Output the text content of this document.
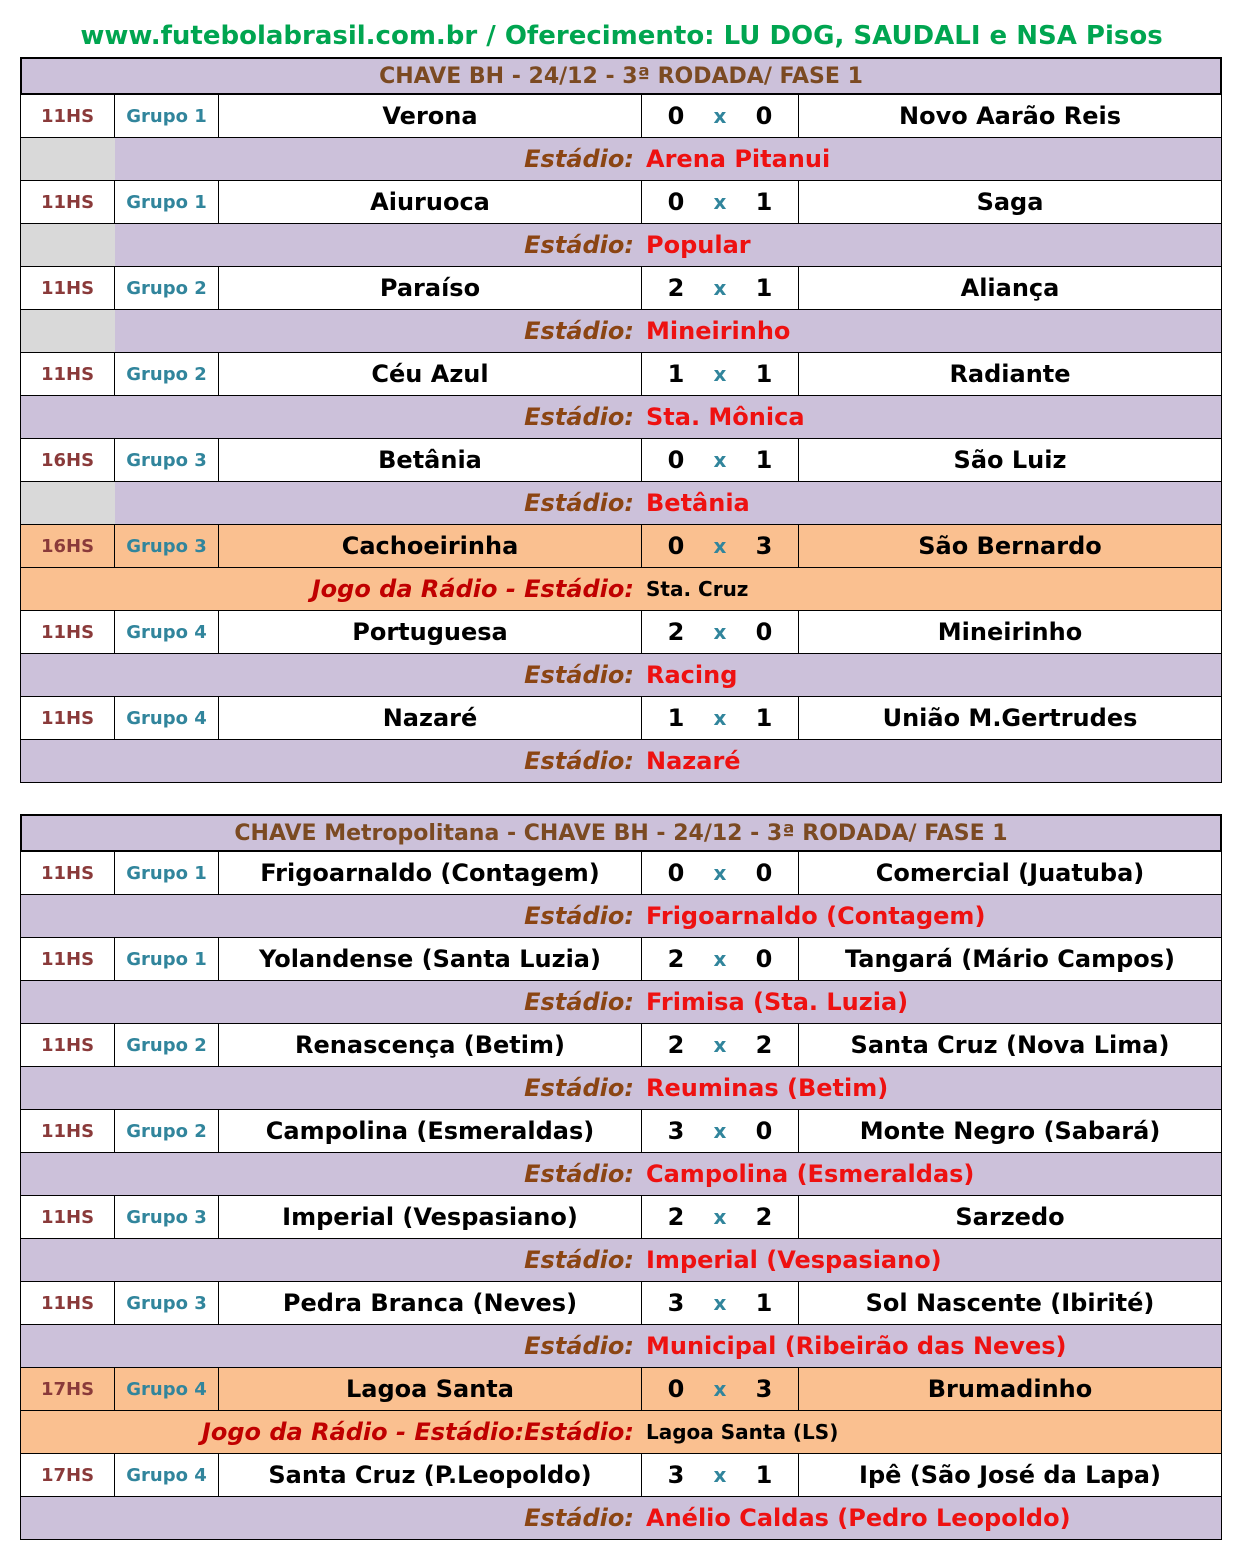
www.futebolabrasil.com.br / Oferecimento: LU DOG, SAUDALI e NSA Pisos
CHAVE BH - 24/12 - 3ª RODADA/ FASE 1
11HS	Grupo 1	Verona	0 x 0	Novo Aarão Reis
Estádio: Arena Pitanui
11HS	Grupo 1	Aiuruoca	0 x 1	Saga
Estádio: Popular
11HS	Grupo 2	Paraíso	2 x 1	Aliança
Estádio: Mineirinho
11HS	Grupo 2	Céu Azul	1 x 1	Radiante
Estádio: Sta. Mônica
16HS	Grupo 3	Betânia	0 x 1	São Luiz
Estádio: Betânia
16HS	Grupo 3	Cachoeirinha	0 x 3	São Bernardo
Jogo da Rádio - Estádio: Sta. Cruz
11HS	Grupo 4	Portuguesa	2 x 0	Mineirinho
Estádio: Racing
11HS	Grupo 4	Nazaré	1 x 1	União M.Gertrudes
Estádio: Nazaré
CHAVE Metropolitana - CHAVE BH - 24/12 - 3ª RODADA/ FASE 1
11HS	Grupo 1	Frigoarnaldo (Contagem)	0 x 0	Comercial (Juatuba)
Estádio: Frigoarnaldo (Contagem)
11HS	Grupo 1	Yolandense (Santa Luzia)	2 x 0	Tangará (Mário Campos)
Estádio: Frimisa (Sta. Luzia)
11HS	Grupo 2	Renascença (Betim)	2 x 2	Santa Cruz (Nova Lima)
Estádio: Reuminas (Betim)
11HS	Grupo 2	Campolina (Esmeraldas)	3 x 0	Monte Negro (Sabará)
Estádio: Campolina (Esmeraldas)
11HS	Grupo 3	Imperial (Vespasiano)	2 x 2	Sarzedo
Estádio: Imperial (Vespasiano)
11HS	Grupo 3	Pedra Branca (Neves)	3 x 1	Sol Nascente (Ibirité)
Estádio: Municipal (Ribeirão das Neves)
17HS	Grupo 4	Lagoa Santa	0 x 3	Brumadinho
Jogo da Rádio - Estádio:Estádio: Lagoa Santa (LS)
17HS	Grupo 4	Santa Cruz (P.Leopoldo)	3 x 1	Ipê (São José da Lapa)
Estádio: Anélio Caldas (Pedro Leopoldo)
